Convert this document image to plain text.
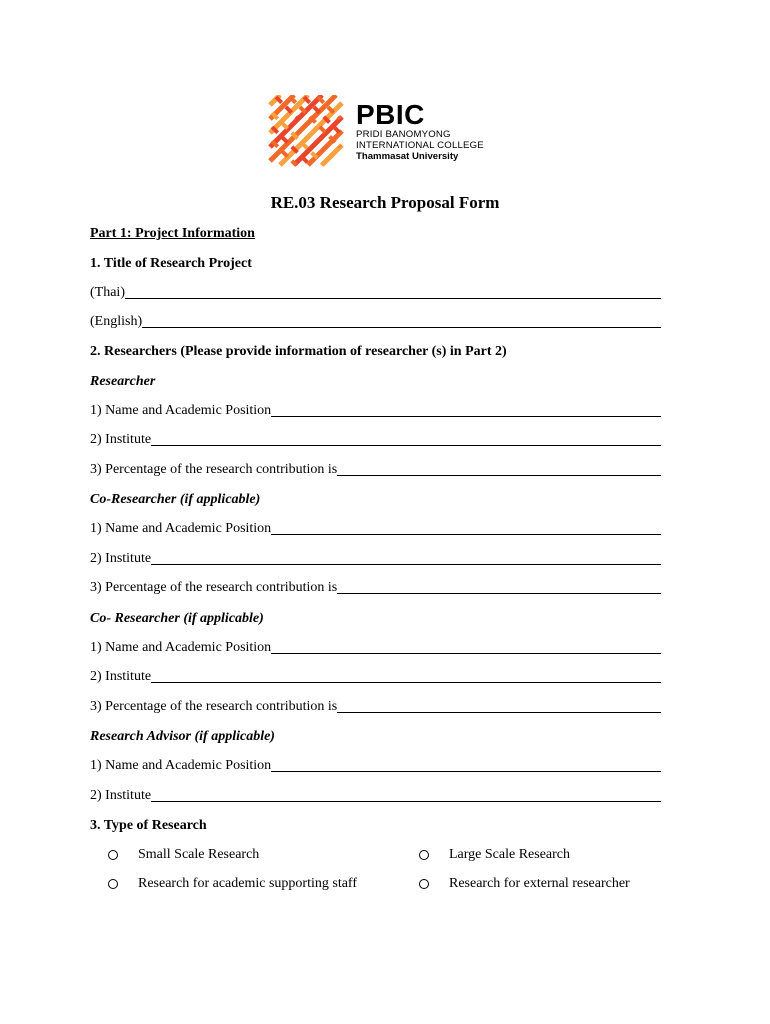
PBIC
PRIDI BANOMYONG
INTERNATIONAL COLLEGE
Thammasat University
RE.03 Research Proposal Form
Part 1: Project Information
1. Title of Research Project
(Thai)
(English)
2. Researchers (Please provide information of researcher (s) in Part 2)
Researcher
1) Name and Academic Position
2) Institute
3) Percentage of the research contribution is
Co-Researcher (if applicable)
1) Name and Academic Position
2) Institute
3) Percentage of the research contribution is
Co- Researcher (if applicable)
1) Name and Academic Position
2) Institute
3) Percentage of the research contribution is
Research Advisor (if applicable)
1) Name and Academic Position
2) Institute
3. Type of Research
Small Scale Research	Large Scale Research
Research for academic supporting staff	Research for external researcher
